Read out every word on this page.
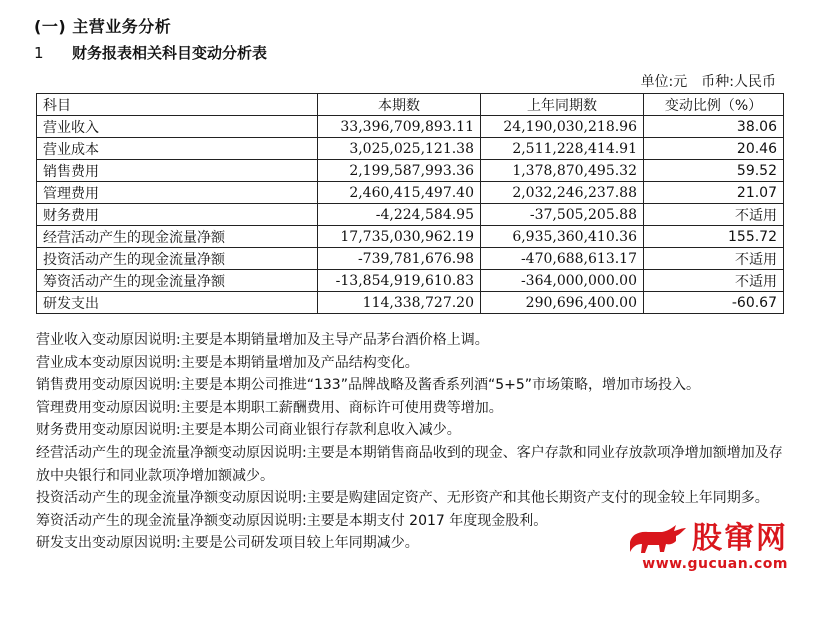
(一) 主营业务分析
1 财务报表相关科目变动分析表
单位:元 币种:人民币
科目	本期数	上年同期数	变动比例（%）
营业收入	33,396,709,893.11	24,190,030,218.96	38.06
营业成本	3,025,025,121.38	2,511,228,414.91	20.46
销售费用	2,199,587,993.36	1,378,870,495.32	59.52
管理费用	2,460,415,497.40	2,032,246,237.88	21.07
财务费用	-4,224,584.95	-37,505,205.88	不适用
经营活动产生的现金流量净额	17,735,030,962.19	6,935,360,410.36	155.72
投资活动产生的现金流量净额	-739,781,676.98	-470,688,613.17	不适用
筹资活动产生的现金流量净额	-13,854,919,610.83	-364,000,000.00	不适用
研发支出	114,338,727.20	290,696,400.00	-60.67

营业收入变动原因说明:主要是本期销量增加及主导产品茅台酒价格上调。

营业成本变动原因说明:主要是本期销量增加及产品结构变化。

销售费用变动原因说明:主要是本期公司推进“133”品牌战略及酱香系列酒“5+5”市场策略，增加市场投入。

管理费用变动原因说明:主要是本期职工薪酬费用、商标许可使用费等增加。

财务费用变动原因说明:主要是本期公司商业银行存款利息收入减少。

经营活动产生的现金流量净额变动原因说明:主要是本期销售商品收到的现金、客户存款和同业存放款项净增加额增加及存放中央银行和同业款项净增加额减少。

投资活动产生的现金流量净额变动原因说明:主要是购建固定资产、无形资产和其他长期资产支付的现金较上年同期多。

筹资活动产生的现金流量净额变动原因说明:主要是本期支付 2017 年度现金股利。

研发支出变动原因说明:主要是公司研发项目较上年同期减少。	股窜网
www.gucuan.com
